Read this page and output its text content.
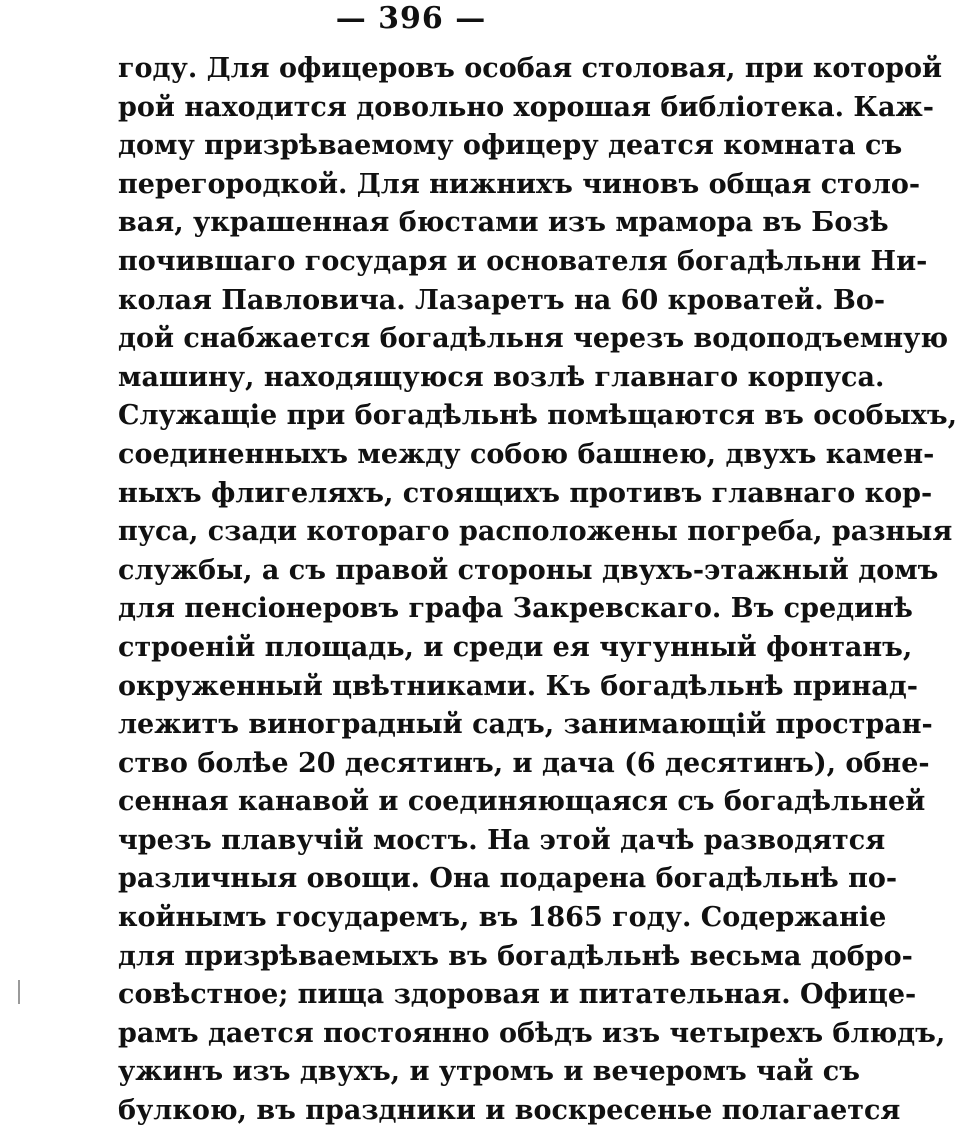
— 396 —
году. Для офицеровъ особая столовая, при которой
рой находится довольно хорошая библіотека. Каж-
дому призрѣваемому офицеру деатся комната съ
перегородкой. Для нижнихъ чиновъ общая столо-
вая, украшенная бюстами изъ мрамора въ Бозѣ
почившаго государя и основателя богадѣльни Ни-
колая Павловича. Лазаретъ на 60 кроватей. Во-
дой снабжается богадѣльня черезъ водоподъемную
машину, находящуюся возлѣ главнаго корпуса.
Служащіе при богадѣльнѣ помѣщаются въ особыхъ,
соединенныхъ между собою башнею, двухъ камен-
ныхъ флигеляхъ, стоящихъ противъ главнаго кор-
пуса, сзади котораго расположены погреба, разныя
службы, а съ правой стороны двухъ-этажный домъ
для пенсіонеровъ графа Закревскаго. Въ срединѣ
строеній площадь, и среди ея чугунный фонтанъ,
окруженный цвѣтниками. Къ богадѣльнѣ принад-
лежитъ виноградный садъ, занимающій простран-
ство болѣе 20 десятинъ, и дача (6 десятинъ), обне-
сенная канавой и соединяющаяся съ богадѣльней
чрезъ плавучій мостъ. На этой дачѣ разводятся
различныя овощи. Она подарена богадѣльнѣ по-
койнымъ государемъ, въ 1865 году. Содержаніе
для призрѣваемыхъ въ богадѣльнѣ весьма добро-
совѣстное; пища здоровая и питательная. Офице-
рамъ дается постоянно обѣдъ изъ четырехъ блюдъ,
ужинъ изъ двухъ, и утромъ и вечеромъ чай съ
булкою, въ праздники и воскресенье полагается
